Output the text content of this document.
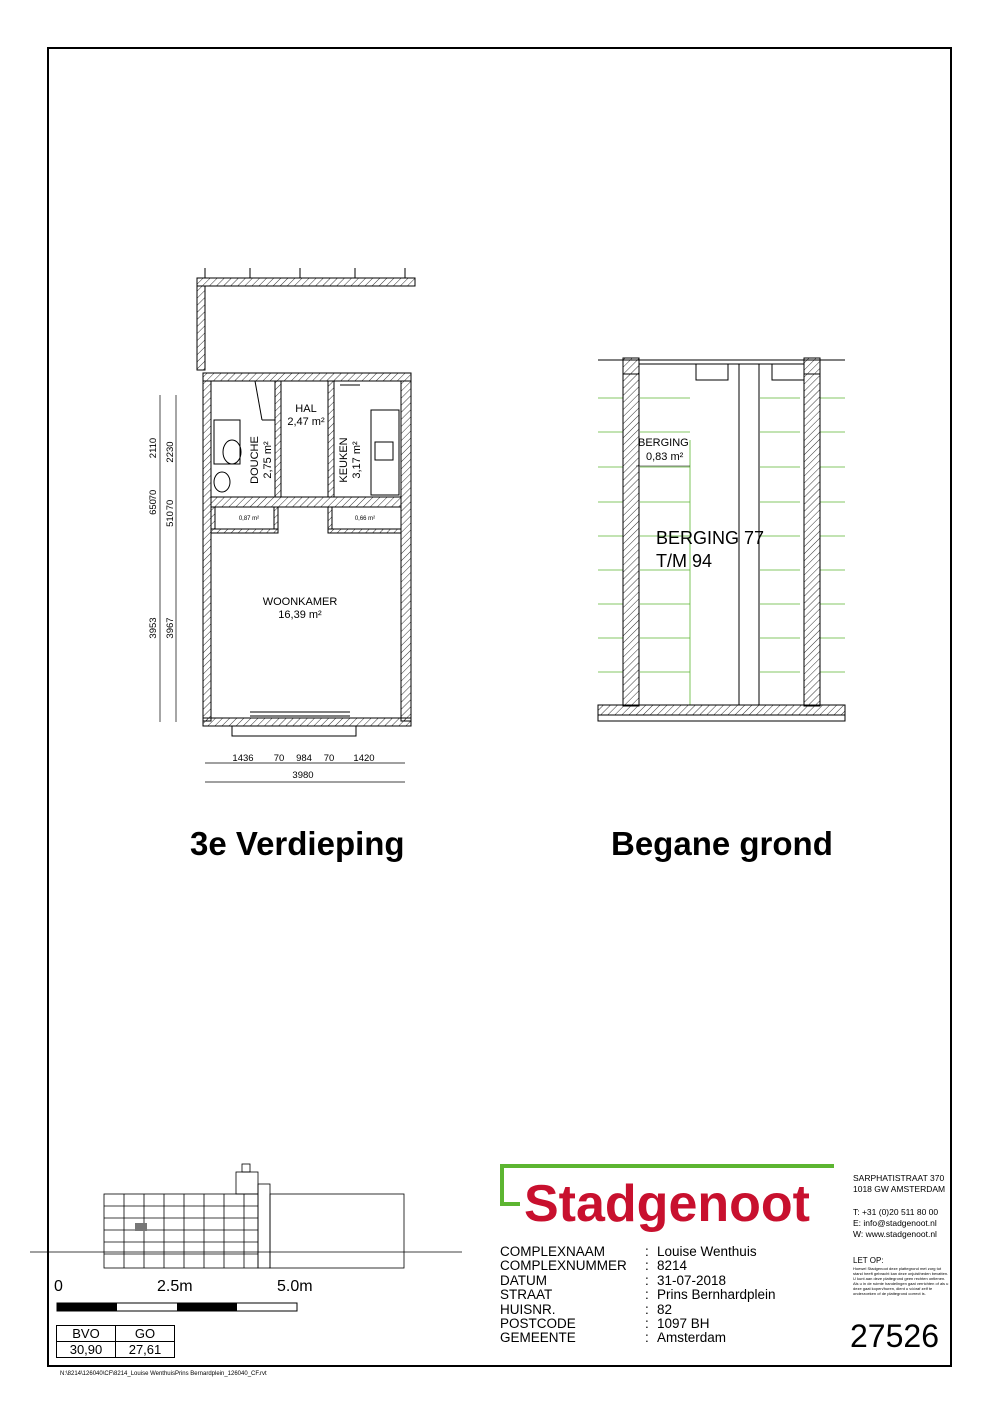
HAL
2,47 m²
DOUCHE 2,75 m²	KEUKEN 3,17 m²
WOONKAMER
16,39 m²
0,87 m²	0,66 m²
2110
650
70
3953
2230
510
70
3967
1436 70 984 70 1420
3980
BERGING
0,83 m²
BERGING 77
T/M 94
3e Verdieping	Begane grond
0	2.5m	5.0m
BVO	GO
30,90	27,61
N:\8214\126040\CF\8214_Louise WenthuisPrins Bernardplein_126040_CF.rvt
Stadgenoot	SARPHATISTRAAT 370
1018 GW AMSTERDAM
T: +31 (0)20 511 80 00
E: info@stadgenoot.nl
W: www.stadgenoot.nl
LET OP:
Hoewel Stadgenoot deze plattegrond met zorg tot stand heeft gebracht kan deze onjuistheden bevatten. U kunt aan deze plattegrond geen rechten ontlenen. Als u in de ruimte handelingen gaat verrichten of als u deze gaat kopen/huren, dient u vóóraf zelf te onderzoeken of de plattegrond correct is.
COMPLEXNAAM	: Louise Wenthuis
COMPLEXNUMMER	: 8214
DATUM	: 31-07-2018
STRAAT	: Prins Bernhardplein
HUISNR.	: 82
POSTCODE	: 1097 BH
GEMEENTE	: Amsterdam	27526
